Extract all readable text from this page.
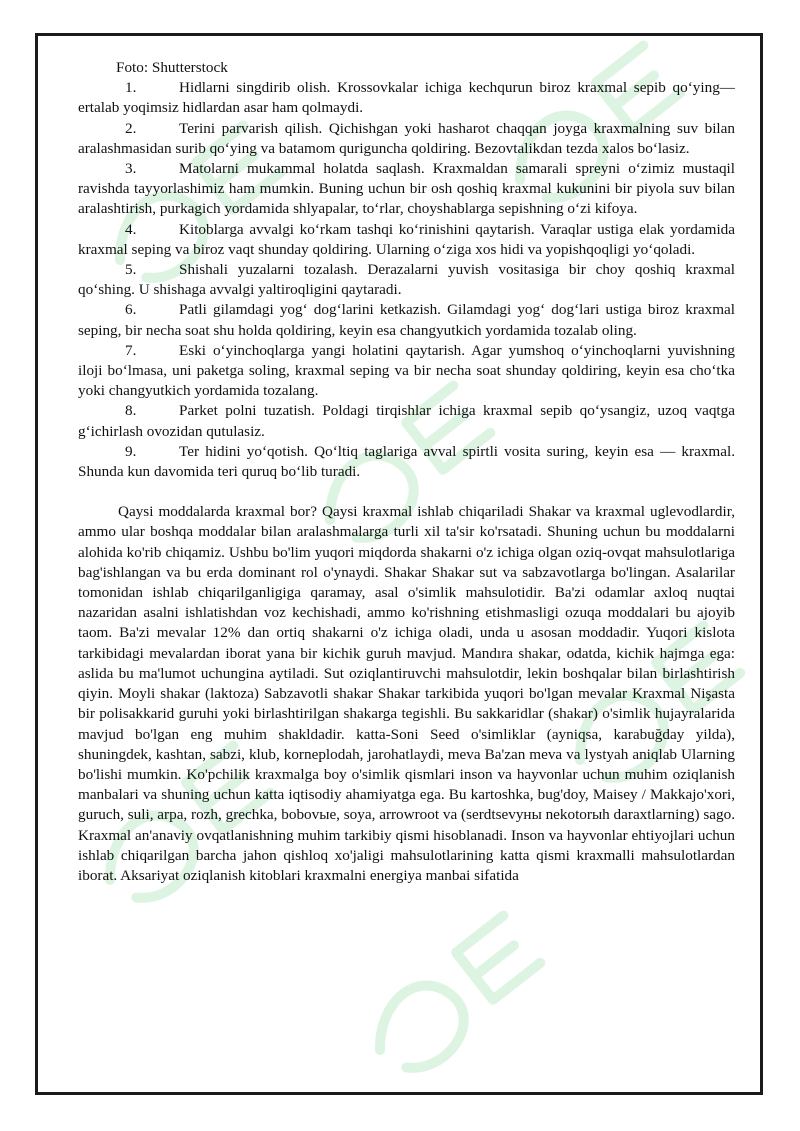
Foto: Shutterstock

1.	Hidlarni singdirib olish. Krossovkalar ichiga kechqurun biroz kraxmal sepib qo‘ying— ertalab yoqimsiz hidlardan asar ham qolmaydi.

2.	Terini parvarish qilish. Qichishgan yoki hasharot chaqqan joyga kraxmalning suv bilan aralashmasidan surib qo‘ying va batamom qurigunchа qoldiring. Bezovtalikdan tezda xalos bo‘lasiz.

3.	Matolarni mukammal holatda saqlash. Kraxmaldan samarali spreyni o‘zimiz mustaqil ravishda tayyorlashimiz ham mumkin. Buning uchun bir osh qoshiq kraxmal kukunini bir piyola suv bilan aralashtirish, purkagich yordamida shlyapalar, to‘rlar, choyshablarga sepishning o‘zi kifoya.

4.	Kitoblarga avvalgi ko‘rkam tashqi ko‘rinishini qaytarish. Varaqlar ustiga elak yordamida kraxmal seping va biroz vaqt shunday qoldiring. Ularning o‘ziga xos hidi va yopishqoqligi yo‘qoladi.

5.	Shishali yuzalarni tozalash. Derazalarni yuvish vositasiga bir choy qoshiq kraxmal qo‘shing. U shishaga avvalgi yaltiroqligini qaytaradi.

6.	Patli gilamdagi yog‘ dog‘larini ketkazish. Gilamdagi yog‘ dog‘lari ustiga biroz kraxmal seping, bir necha soat shu holda qoldiring, keyin esa changyutkich yordamida tozalab oling.

7.	Eski o‘yinchoqlarga yangi holatini qaytarish. Agar yumshoq o‘yinchoqlarni yuvishning iloji bo‘lmasa, uni paketga soling, kraxmal seping va bir necha soat shunday qoldiring, keyin esa cho‘tka yoki changyutkich yordamida tozalang.

8.	Parket polni tuzatish. Poldagi tirqishlar ichiga kraxmal sepib qo‘ysangiz, uzoq vaqtga g‘ichirlash ovozidan qutulasiz.

9.	Ter hidini yo‘qotish. Qo‘ltiq taglariga avval spirtli vosita suring, keyin esa — kraxmal. Shunda kun davomida teri quruq bo‘lib turadi.

Qaysi moddalarda kraxmal bor? Qaysi kraxmal ishlab chiqariladi Shakar va kraxmal uglevodlardir, ammo ular boshqa moddalar bilan aralashmalarga turli xil ta'sir ko'rsatadi. Shuning uchun bu moddalarni alohida ko'rib chiqamiz. Ushbu bo'lim yuqori miqdorda shakarni o'z ichiga olgan oziq-ovqat mahsulotlariga bag'ishlangan va bu erda dominant rol o'ynaydi. Shakar Shakar sut va sabzavotlarga bo'lingan. Asalarilar tomonidan ishlab chiqarilganligiga qaramay, asal o'simlik mahsulotidir. Ba'zi odamlar axloq nuqtai nazaridan asalni ishlatishdan voz kechishadi, ammo ko'rishning etishmasligi ozuqa moddalari bu ajoyib taom. Ba'zi mevalar 12% dan ortiq shakarni o'z ichiga oladi, unda u asosan moddadir. Yuqori kislota tarkibidagi mevalardan iborat yana bir kichik guruh mavjud. Mandıra shakar, odatda, kichik hajmga ega: aslida bu ma'lumot uchungina aytiladi. Sut oziqlantiruvchi mahsulotdir, lekin boshqalar bilan birlashtirish qiyin. Moyli shakar (laktoza) Sabzavotli shakar Shakar tarkibida yuqori bo'lgan mevalar Kraxmal Nişasta bir polisakkarid guruhi yoki birlashtirilgan shakarga tegishli. Bu sakkaridlar (shakar) o'simlik hujayralarida mavjud bo'lgan eng muhim shakldadir. katta-Soni Seed o'simliklar (ayniqsa, karabuğday yilda), shuningdek, kashtan, sabzi, klub, korneplodah, jarohatlaydi, meva Ba'zan meva va lystyah aniqlab Ularning bo'lishi mumkin. Ko'pchilik kraxmalga boy o'simlik qismlari inson va hayvonlar uchun muhim oziqlanish manbalari va shuning uchun katta iqtisodiy ahamiyatga ega. Bu kartoshka, bug'doy, Maisey / Makkajo'xori, guruch, suli, arpa, rozh, grechka, bobovыe, soya, arrowroot va (serdtsevyны nekotorыh daraxtlarning) sago. Kraxmal an'anaviy ovqatlanishning muhim tarkibiy qismi hisoblanadi. Inson va hayvonlar ehtiyojlari uchun ishlab chiqarilgan barcha jahon qishloq xo'jaligi mahsulotlarining katta qismi kraxmalli mahsulotlardan iborat. Aksariyat oziqlanish kitoblari kraxmalni energiya manbai sifatida
